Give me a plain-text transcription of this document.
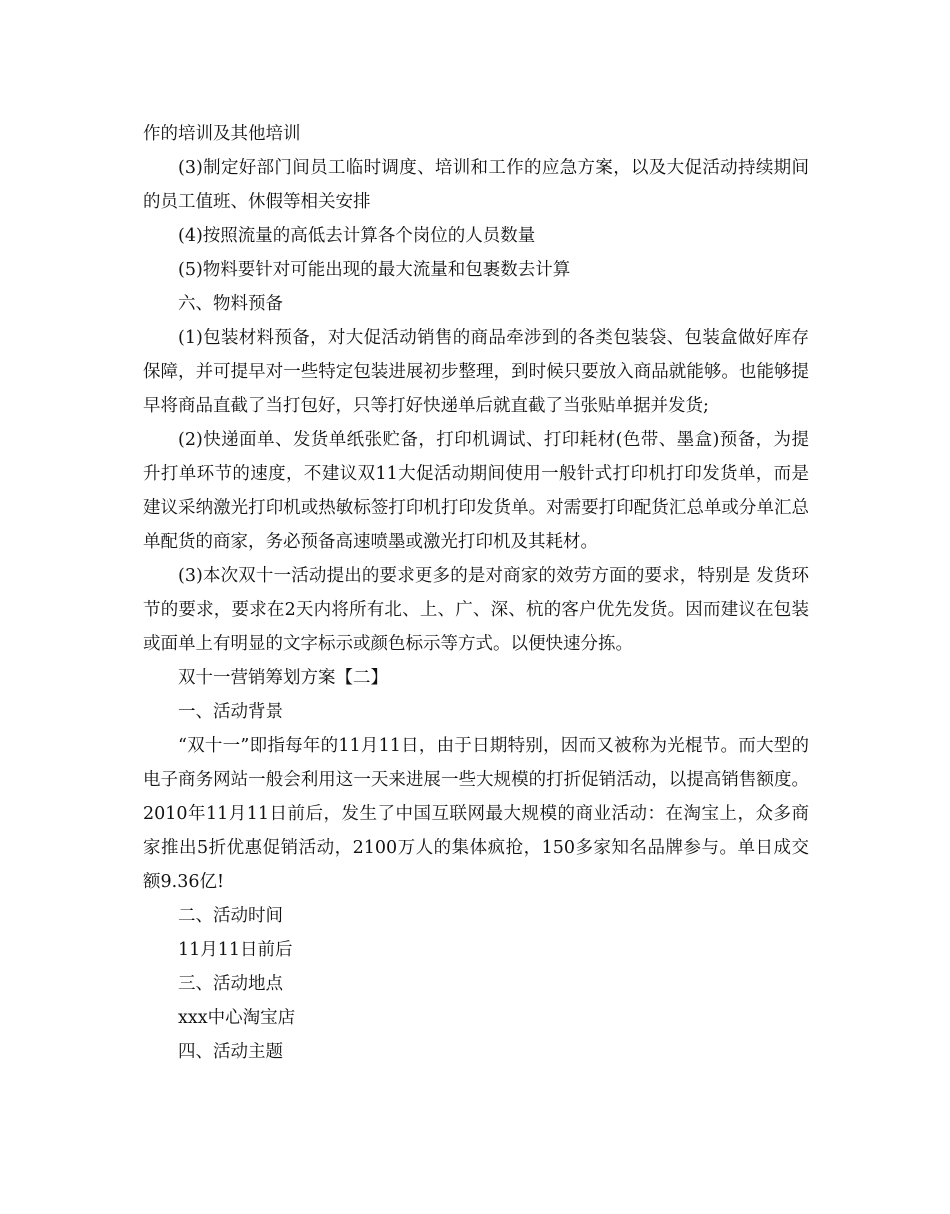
作的培训及其他培训

(3)制定好部门间员工临时调度、培训和工作的应急方案，以及大促活动持续期间的员工值班、休假等相关安排

(4)按照流量的高低去计算各个岗位的人员数量

(5)物料要针对可能出现的最大流量和包裹数去计算

六、物料预备

(1)包装材料预备，对大促活动销售的商品牵涉到的各类包装袋、包装盒做好库存保障，并可提早对一些特定包装进展初步整理，到时候只要放入商品就能够。也能够提早将商品直截了当打包好，只等打好快递单后就直截了当张贴单据并发货;

(2)快递面单、发货单纸张贮备，打印机调试、打印耗材(色带、墨盒)预备，为提升打单环节的速度，不建议双11大促活动期间使用一般针式打印机打印发货单，而是建议采纳激光打印机或热敏标签打印机打印发货单。对需要打印配货汇总单或分单汇总单配货的商家，务必预备高速喷墨或激光打印机及其耗材。

(3)本次双十一活动提出的要求更多的是对商家的效劳方面的要求，特别是 发货环节的要求，要求在2天内将所有北、上、广、深、杭的客户优先发货。因而建议在包装或面单上有明显的文字标示或颜色标示等方式。以便快速分拣。

双十一营销筹划方案【二】

一、活动背景

“双十一”即指每年的11月11日，由于日期特别，因而又被称为光棍节。而大型的电子商务网站一般会利用这一天来进展一些大规模的打折促销活动，以提高销售额度。2010年11月11日前后，发生了中国互联网最大规模的商业活动：在淘宝上，众多商家推出5折优惠促销活动，2100万人的集体疯抢，150多家知名品牌参与。单日成交额9.36亿!

二、活动时间

11月11日前后

三、活动地点

xxx中心淘宝店

四、活动主题
